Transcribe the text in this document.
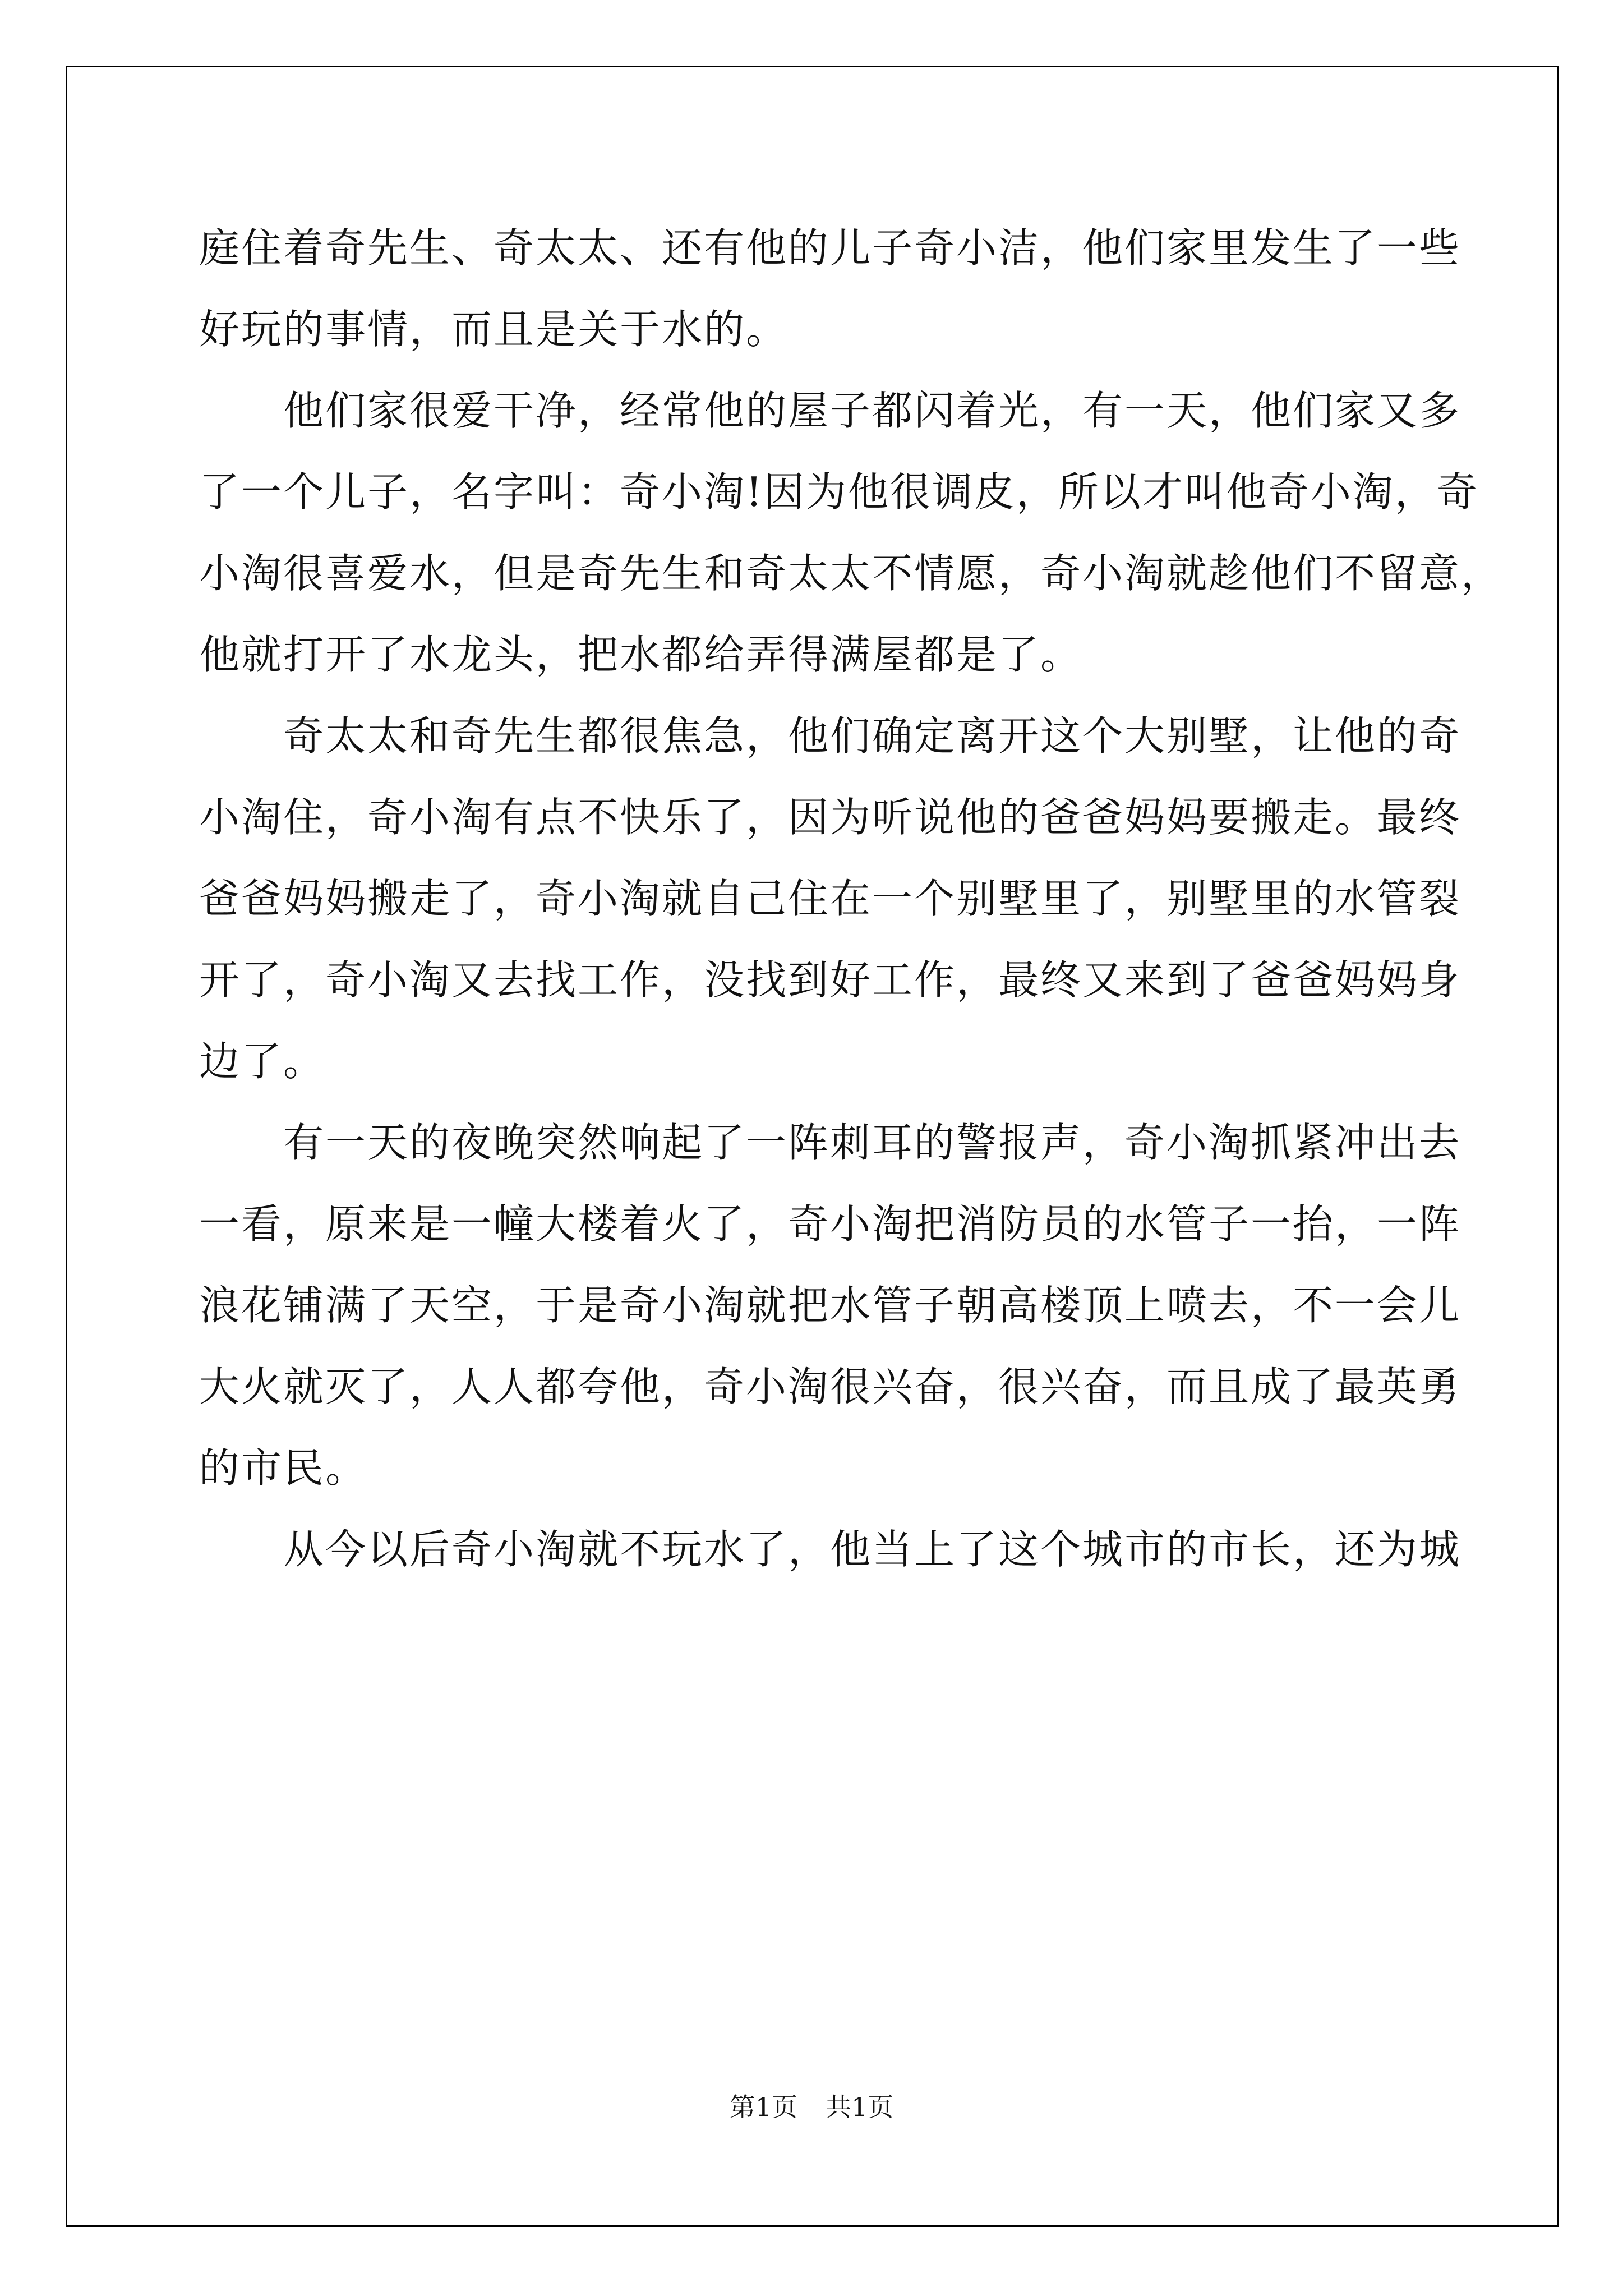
庭住着奇先生、奇太太、还有他的儿子奇小洁，他们家里发生了一些

好玩的事情，而且是关于水的。

　　他们家很爱干净，经常他的屋子都闪着光，有一天，他们家又多

了一个儿子，名字叫：奇小淘!因为他很调皮，所以才叫他奇小淘，奇

小淘很喜爱水，但是奇先生和奇太太不情愿，奇小淘就趁他们不留意，

他就打开了水龙头，把水都给弄得满屋都是了。

　　奇太太和奇先生都很焦急，他们确定离开这个大别墅，让他的奇

小淘住，奇小淘有点不快乐了，因为听说他的爸爸妈妈要搬走。最终

爸爸妈妈搬走了，奇小淘就自己住在一个别墅里了，别墅里的水管裂

开了，奇小淘又去找工作，没找到好工作，最终又来到了爸爸妈妈身

边了。

　　有一天的夜晚突然响起了一阵刺耳的警报声，奇小淘抓紧冲出去

一看，原来是一幢大楼着火了，奇小淘把消防员的水管子一抬，一阵

浪花铺满了天空，于是奇小淘就把水管子朝高楼顶上喷去，不一会儿

大火就灭了，人人都夸他，奇小淘很兴奋，很兴奋，而且成了最英勇

的市民。

　　从今以后奇小淘就不玩水了，他当上了这个城市的市长，还为城

第1页 共1页
